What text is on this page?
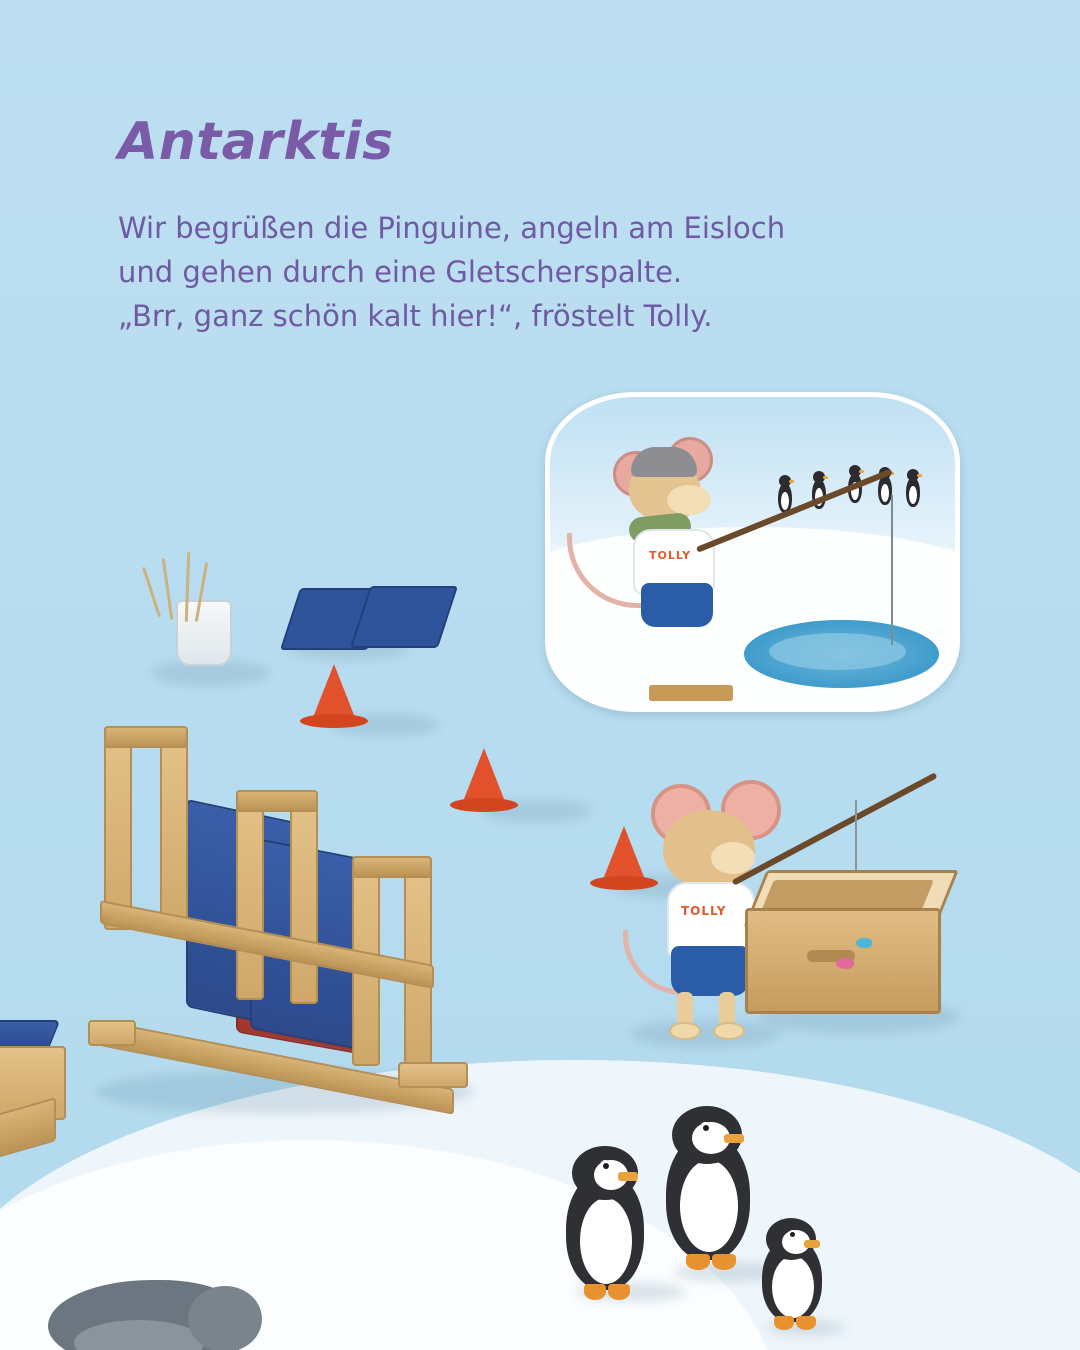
Antarktis
Wir begrüßen die Pinguine, angeln am Eisloch
und gehen durch eine Gletscherspalte.
„Brr, ganz schön kalt hier!“, fröstelt Tolly.
TOLLY
TOLLY
